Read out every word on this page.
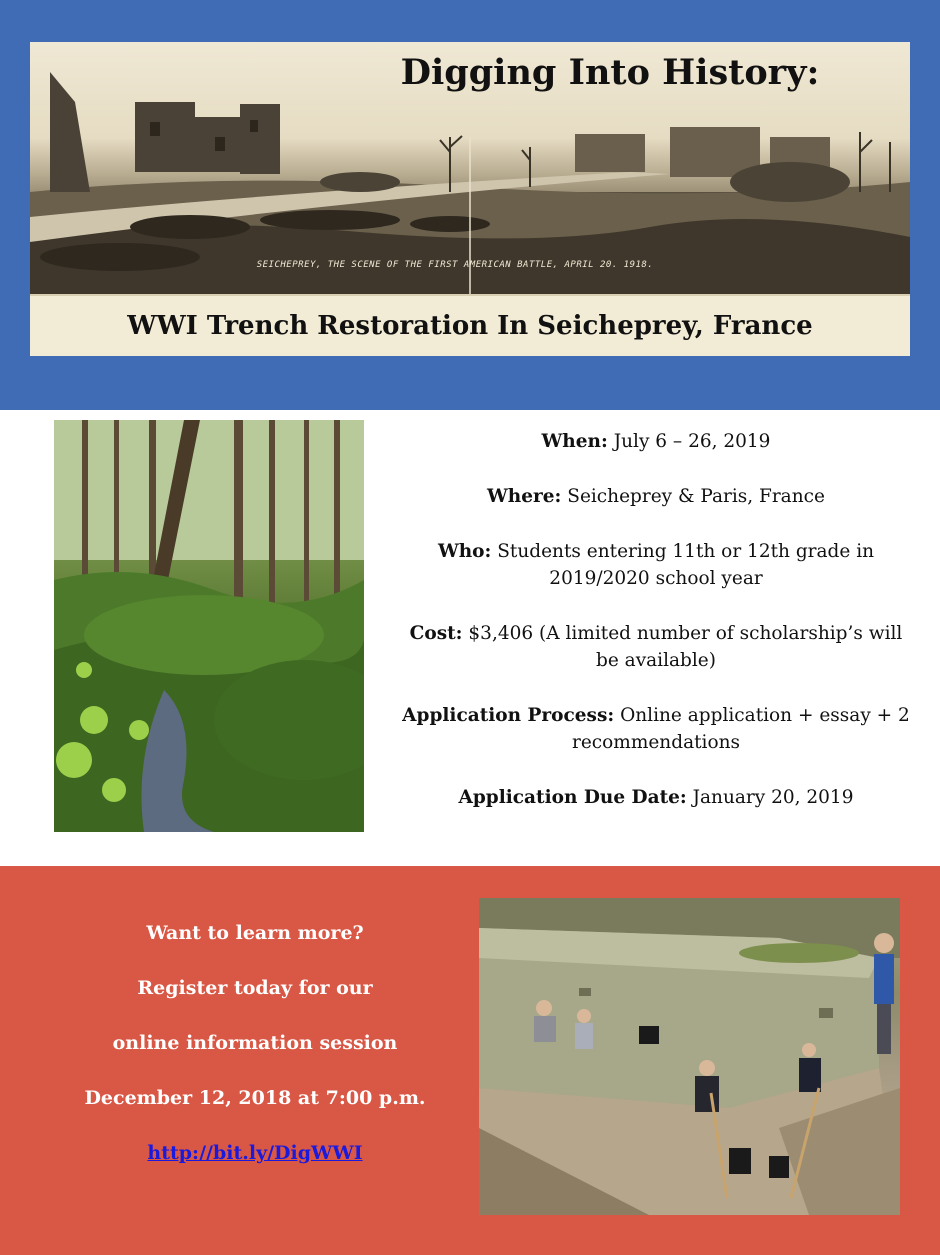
Digging Into History:
SEICHEPREY, THE SCENE OF THE FIRST AMERICAN BATTLE, APRIL 20. 1918.
WWI Trench Restoration In Seicheprey, France

When: July 6 – 26, 2019

Where: Seicheprey & Paris, France

Who: Students entering 11th or 12th grade in 2019/2020 school year

Cost: $3,406 (A limited number of scholarship’s will be available)

Application Process: Online application + essay + 2 recommendations

Application Due Date: January 20, 2019

Want to learn more?

Register today for our

online information session

December 12, 2018 at 7:00 p.m.

http://bit.ly/DigWWI
